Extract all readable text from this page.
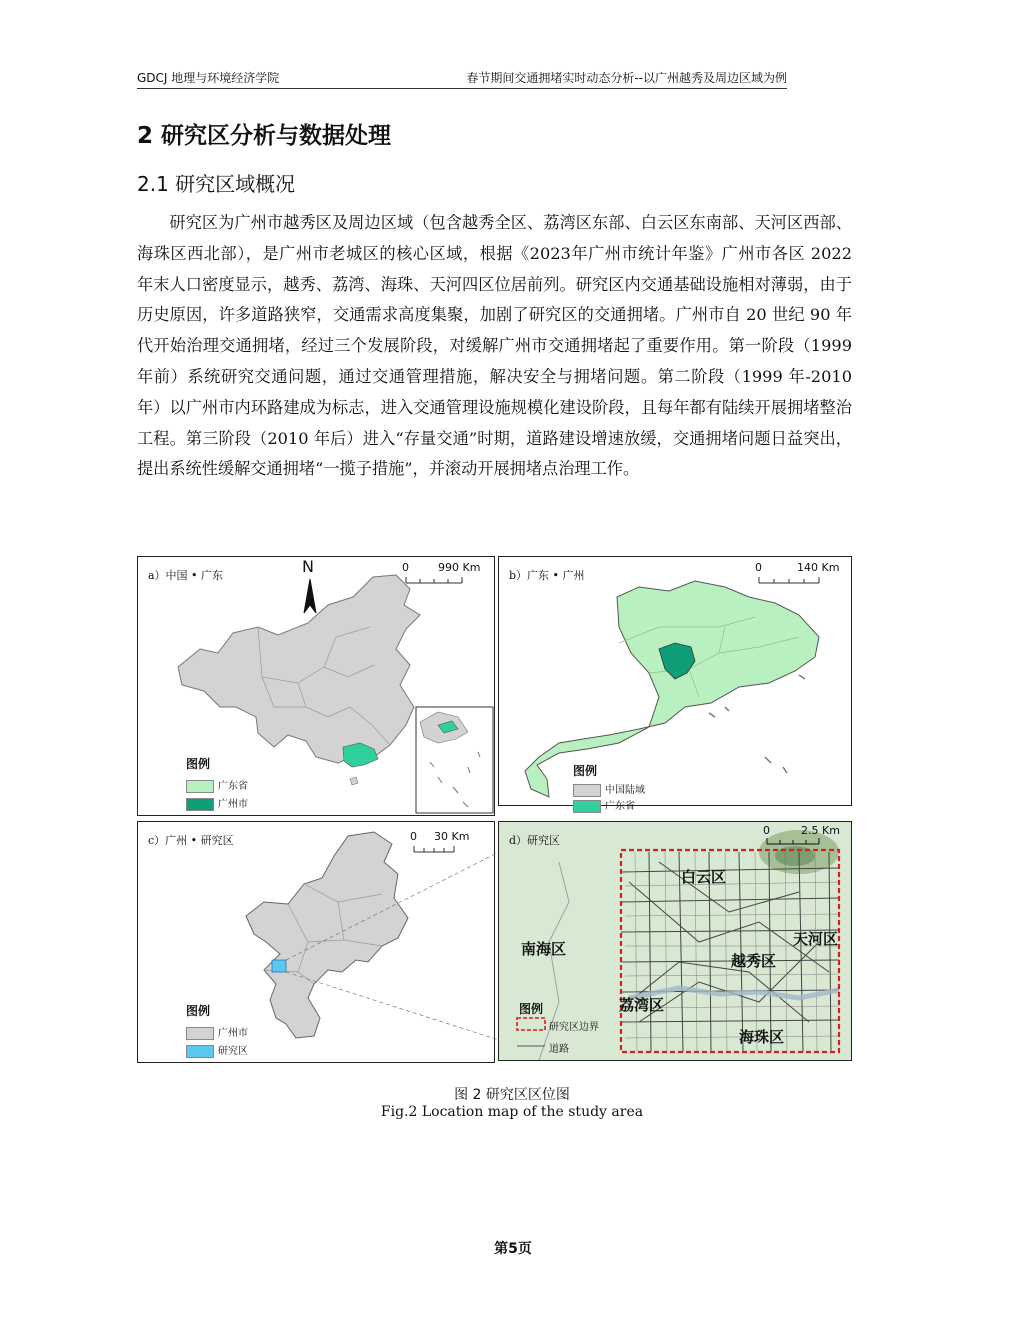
GDCJ 地理与环境经济学院	春节期间交通拥堵实时动态分析--以广州越秀及周边区域为例
2 研究区分析与数据处理
2.1 研究区域概况
研究区为广州市越秀区及周边区域（包含越秀全区、荔湾区东部、白云区东南部、天河区西部、海珠区西北部），是广州市老城区的核心区域，根据《2023年广州市统计年鉴》广州市各区 2022 年末人口密度显示，越秀、荔湾、海珠、天河四区位居前列。研究区内交通基础设施相对薄弱，由于历史原因，许多道路狭窄，交通需求高度集聚，加剧了研究区的交通拥堵。广州市自 20 世纪 90 年代开始治理交通拥堵，经过三个发展阶段，对缓解广州市交通拥堵起了重要作用。第一阶段（1999 年前）系统研究交通问题，通过交通管理措施，解决安全与拥堵问题。第二阶段（1999 年-2010 年）以广州市内环路建成为标志，进入交通管理设施规模化建设阶段，且每年都有陆续开展拥堵整治工程。第三阶段（2010 年后）进入“存量交通”时期，道路建设增速放缓，交通拥堵问题日益突出，提出系统性缓解交通拥堵“一揽子措施”，并滚动开展拥堵点治理工作。
a）中国 • 广东	N	0	990 Km
图例
广东省
广州市
b）广东 • 广州
0	140 Km
图例
中国陆域
广东省
c）广州 • 研究区	0 30 Km
图例
广州市
研究区
d）研究区
0	2.5 Km
白云区
南海区
天河区
越秀区
荔湾区
海珠区
图例
研究区边界
道路
图 2 研究区区位图
Fig.2 Location map of the study area
第5页
